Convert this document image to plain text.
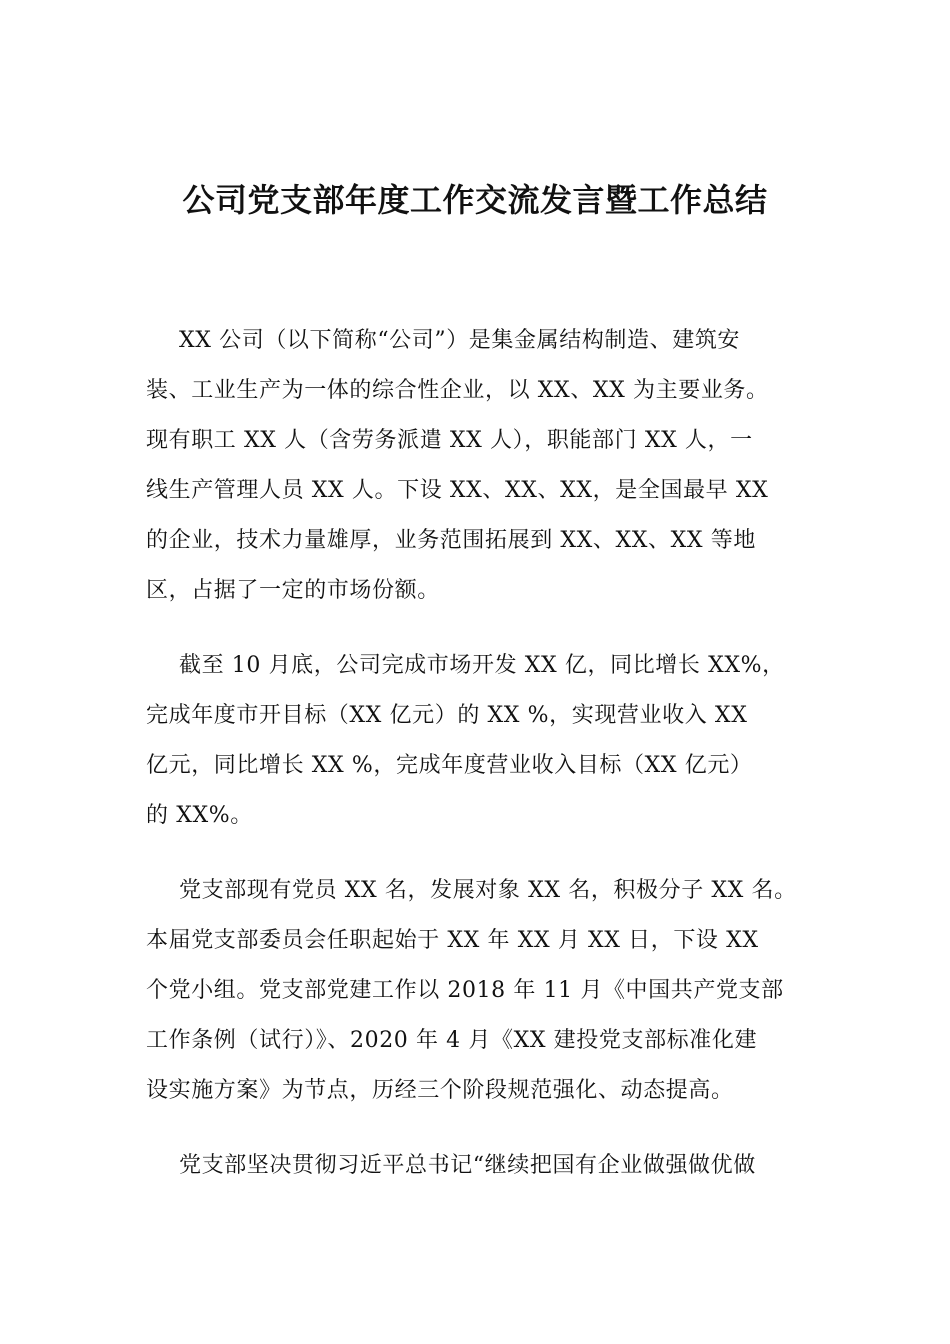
公司党支部年度工作交流发言暨工作总结

XX 公司（以下简称“公司”）是集金属结构制造、建筑安
装、工业生产为一体的综合性企业，以 XX、XX 为主要业务。
现有职工 XX 人（含劳务派遣 XX 人），职能部门 XX 人，一
线生产管理人员 XX 人。下设 XX、XX、XX，是全国最早 XX
的企业，技术力量雄厚，业务范围拓展到 XX、XX、XX 等地
区，占据了一定的市场份额。

截至 10 月底，公司完成市场开发 XX 亿，同比增长 XX%，
完成年度市开目标（XX 亿元）的 XX %，实现营业收入 XX
亿元，同比增长 XX %，完成年度营业收入目标（XX 亿元）
的 XX%。

党支部现有党员 XX 名，发展对象 XX 名，积极分子 XX 名。
本届党支部委员会任职起始于 XX 年 XX 月 XX 日，下设 XX
个党小组。党支部党建工作以 2018 年 11 月《中国共产党支部
工作条例（试行）》、2020 年 4 月《XX 建投党支部标准化建
设实施方案》为节点，历经三个阶段规范强化、动态提高。

党支部坚决贯彻习近平总书记“继续把国有企业做强做优做
